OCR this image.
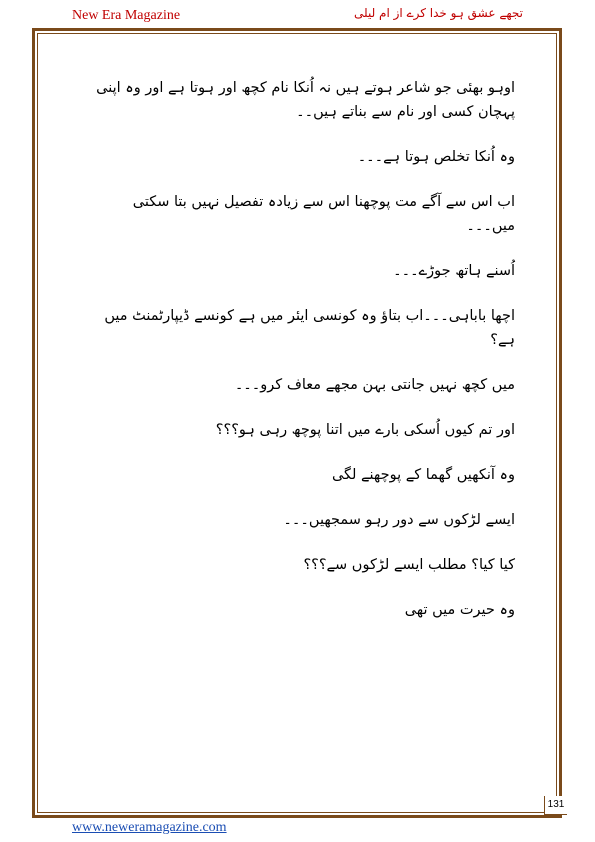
New Era Magazine	تجھے عشق ہو خدا کرے از ام لیلی

اوہو بھئی جو شاعر ہوتے ہیں نہ اُنکا نام کچھ اور ہوتا ہے اور وہ اپنی پہچان کسی اور نام سے بناتے ہیں۔۔

وہ اُنکا تخلص ہوتا ہے۔۔۔

اب اس سے آگے مت پوچھنا اس سے زیادہ تفصیل نہیں بتا سکتی میں۔۔۔

اُسنے ہاتھ جوڑے۔۔۔

اچھا باباہی۔۔۔اب بتاؤ وہ کونسی ایئر میں ہے کونسے ڈیپارٹمنٹ میں ہے؟

میں کچھ نہیں جانتی بہن مجھے معاف کرو۔۔۔

اور تم کیوں اُسکی بارے میں اتنا پوچھ رہی ہو؟؟؟

وہ آنکھیں گھما کے پوچھنے لگی

ایسے لڑکوں سے دور رہو سمجھیں۔۔۔

کیا کیا؟ مطلب ایسے لڑکوں سے؟؟؟

وہ حیرت میں تھی

131
www.neweramagazine.com
